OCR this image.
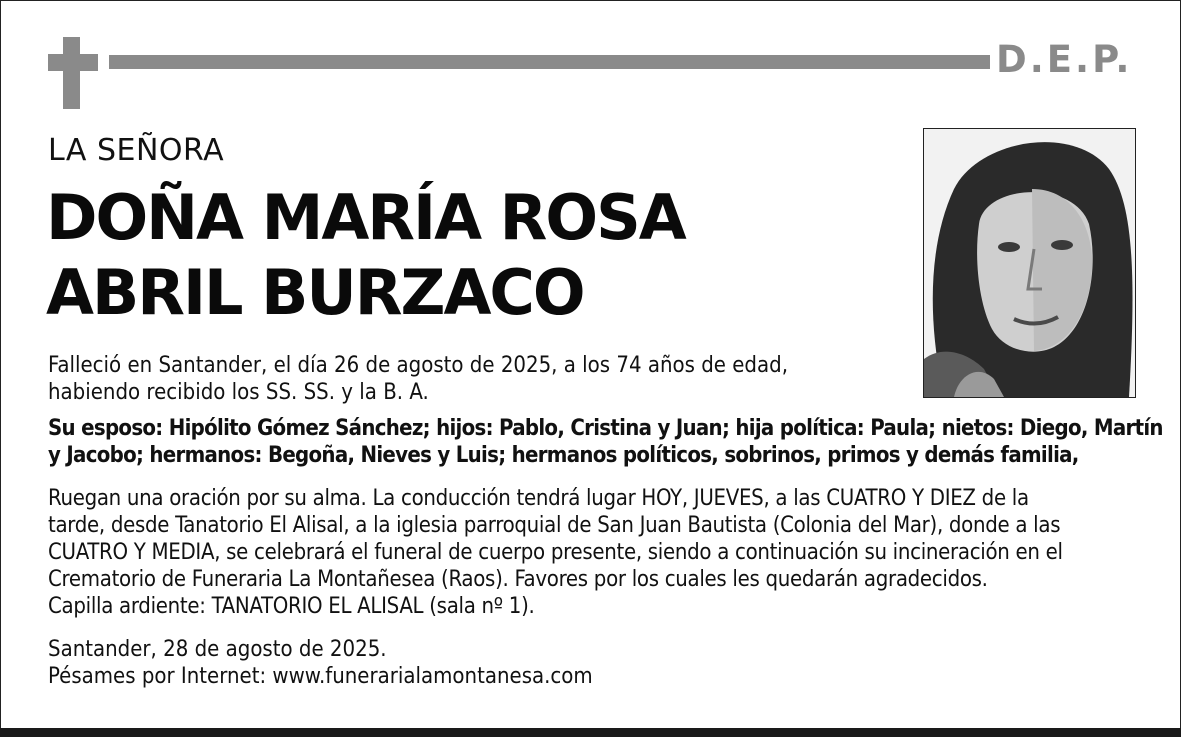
D.E.P.
LA SEÑORA
DOÑA MARÍA ROSA
ABRIL BURZACO
Falleció en Santander, el día 26 de agosto de 2025, a los 74 años de edad,
habiendo recibido los SS. SS. y la B. A.
Su esposo: Hipólito Gómez Sánchez; hijos: Pablo, Cristina y Juan; hija política: Paula; nietos: Diego, Martín
y Jacobo; hermanos: Begoña, Nieves y Luis; hermanos políticos, sobrinos, primos y demás familia,
Ruegan una oración por su alma. La conducción tendrá lugar HOY, JUEVES, a las CUATRO Y DIEZ de la
tarde, desde Tanatorio El Alisal, a la iglesia parroquial de San Juan Bautista (Colonia del Mar), donde a las
CUATRO Y MEDIA, se celebrará el funeral de cuerpo presente, siendo a continuación su incineración en el
Crematorio de Funeraria La Montañesea (Raos). Favores por los cuales les quedarán agradecidos.
Capilla ardiente: TANATORIO EL ALISAL (sala nº 1).
Santander, 28 de agosto de 2025.
Pésames por Internet: www.funerarialamontanesa.com
